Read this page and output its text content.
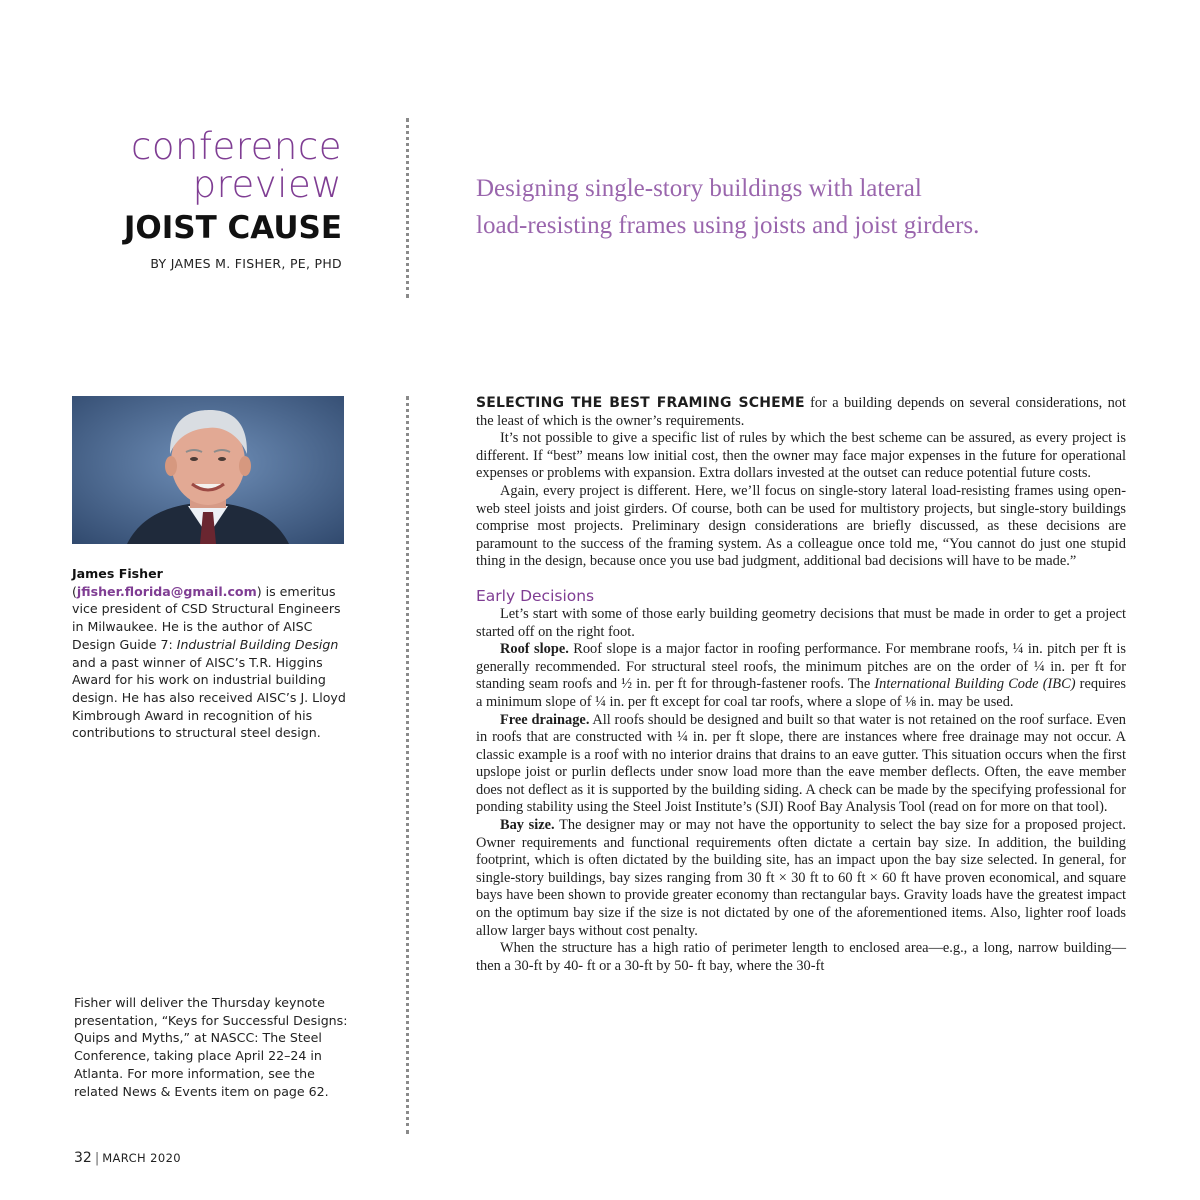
conference
preview
JOIST CAUSE
BY JAMES M. FISHER, PE, PHD
Designing single-story buildings with lateral
load-resisting frames using joists and joist girders.

James Fisher (jfisher.florida@gmail.com) is emeritus vice president of CSD Structural Engineers in Milwaukee. He is the author of AISC Design Guide 7: Industrial Building Design and a past winner of AISC’s T.R. Higgins Award for his work on industrial building design. He has also received AISC’s J. Lloyd Kimbrough Award in recognition of his contributions to structural steel design.

Fisher will deliver the Thursday keynote presentation, “Keys for Successful Designs: Quips and Myths,” at NASCC: The Steel Conference, taking place April 22–24 in Atlanta. For more information, see the related News & Events item on page 62.

SELECTING THE BEST FRAMING SCHEME for a building depends on several considerations, not the least of which is the owner’s requirements.

It’s not possible to give a specific list of rules by which the best scheme can be assured, as every project is different. If “best” means low initial cost, then the owner may face major expenses in the future for operational expenses or problems with expansion. Extra dollars invested at the outset can reduce potential future costs.

Again, every project is different. Here, we’ll focus on single-story lateral load-resisting frames using open-web steel joists and joist girders. Of course, both can be used for multistory projects, but single-story buildings comprise most projects. Preliminary design considerations are briefly discussed, as these decisions are paramount to the success of the framing system. As a colleague once told me, “You cannot do just one stupid thing in the design, because once you use bad judgment, additional bad decisions will have to be made.”

Early Decisions

Let’s start with some of those early building geometry decisions that must be made in order to get a project started off on the right foot.

Roof slope. Roof slope is a major factor in roofing performance. For membrane roofs, ¼ in. pitch per ft is generally recommended. For structural steel roofs, the minimum pitches are on the order of ¼ in. per ft for standing seam roofs and ½ in. per ft for through-fastener roofs. The International Building Code (IBC) requires a minimum slope of ¼ in. per ft except for coal tar roofs, where a slope of ⅛ in. may be used.

Free drainage. All roofs should be designed and built so that water is not retained on the roof surface. Even in roofs that are constructed with ¼ in. per ft slope, there are instances where free drainage may not occur. A classic example is a roof with no interior drains that drains to an eave gutter. This situation occurs when the first upslope joist or purlin deflects under snow load more than the eave member deflects. Often, the eave member does not deflect as it is supported by the building siding. A check can be made by the specifying professional for ponding stability using the Steel Joist Institute’s (SJI) Roof Bay Analysis Tool (read on for more on that tool).

Bay size. The designer may or may not have the opportunity to select the bay size for a proposed project. Owner requirements and functional requirements often dictate a certain bay size. In addition, the building footprint, which is often dictated by the building site, has an impact upon the bay size selected. In general, for single-story buildings, bay sizes ranging from 30 ft × 30 ft to 60 ft × 60 ft have proven economical, and square bays have been shown to provide greater economy than rectangular bays. Gravity loads have the greatest impact on the optimum bay size if the size is not dictated by one of the aforementioned items. Also, lighter roof loads allow larger bays without cost penalty.

When the structure has a high ratio of perimeter length to enclosed area—e.g., a long, narrow building—then a 30-ft by 40- ft or a 30-ft by 50- ft bay, where the 30-ft

32 | MARCH 2020
